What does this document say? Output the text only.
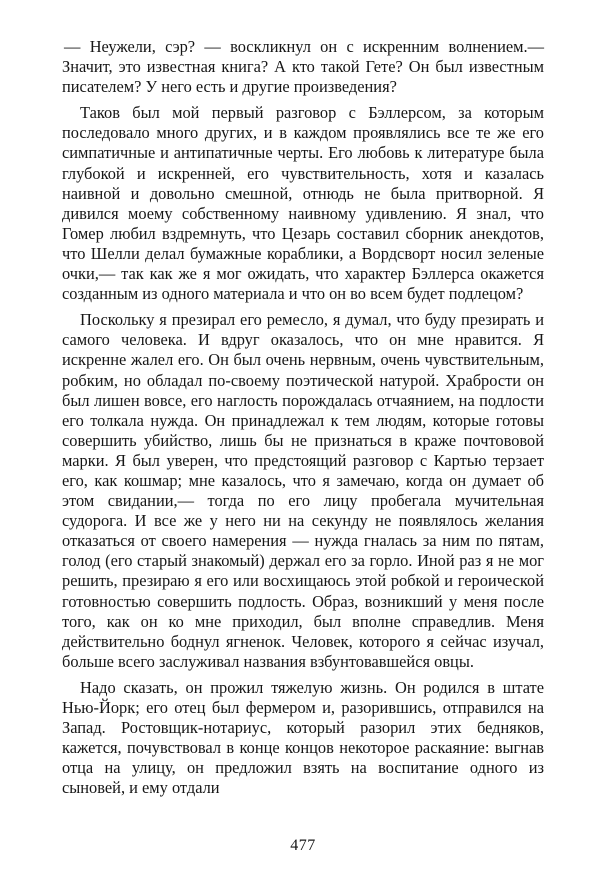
— Неужели, сэр? — воскликнул он с искренним волнением.— Значит, это известная книга? А кто такой Гете? Он был известным писателем? У него есть и другие произведения?

Таков был мой первый разговор с Бэллерсом, за которым последовало много других, и в каждом проявлялись все те же его симпатичные и антипатичные черты. Его любовь к литературе была глубокой и искренней, его чувствительность, хотя и казалась наивной и довольно смешной, отнюдь не была притворной. Я дивился моему собственному наивному удивлению. Я знал, что Гомер любил вздремнуть, что Цезарь составил сборник анекдотов, что Шелли делал бумажные кораблики, а Вордсворт носил зеленые очки,— так как же я мог ожидать, что характер Бэллерса окажется созданным из одного материала и что он во всем будет подлецом?

Поскольку я презирал его ремесло, я думал, что буду презирать и самого человека. И вдруг оказалось, что он мне нравится. Я искренне жалел его. Он был очень нервным, очень чувствительным, робким, но обладал по-своему поэтической натурой. Храбрости он был лишен вовсе, его наглость порождалась отчаянием, на подлости его толкала нужда. Он принадлежал к тем людям, которые готовы совершить убийство, лишь бы не признаться в краже почтововой марки. Я был уверен, что предстоящий разговор с Картью терзает его, как кошмар; мне казалось, что я замечаю, когда он думает об этом свидании,— тогда по его лицу пробегала мучительная судорога. И все же у него ни на секунду не появлялось желания отказаться от своего намерения — нужда гналась за ним по пятам, голод (его старый знакомый) держал его за горло. Иной раз я не мог решить, презираю я его или восхищаюсь этой робкой и героической готовностью совершить подлость. Образ, возникший у меня после того, как он ко мне приходил, был вполне справедлив. Меня действительно боднул ягненок. Человек, которого я сейчас изучал, больше всего заслуживал названия взбунтовавшейся овцы.

Надо сказать, он прожил тяжелую жизнь. Он родился в штате Нью-Йорк; его отец был фермером и, разорившись, отправился на Запад. Ростовщик-нотариус, который разорил этих бедняков, кажется, почувствовал в конце концов некоторое раскаяние: выгнав отца на улицу, он предложил взять на воспитание одного из сыновей, и ему отдали

477
